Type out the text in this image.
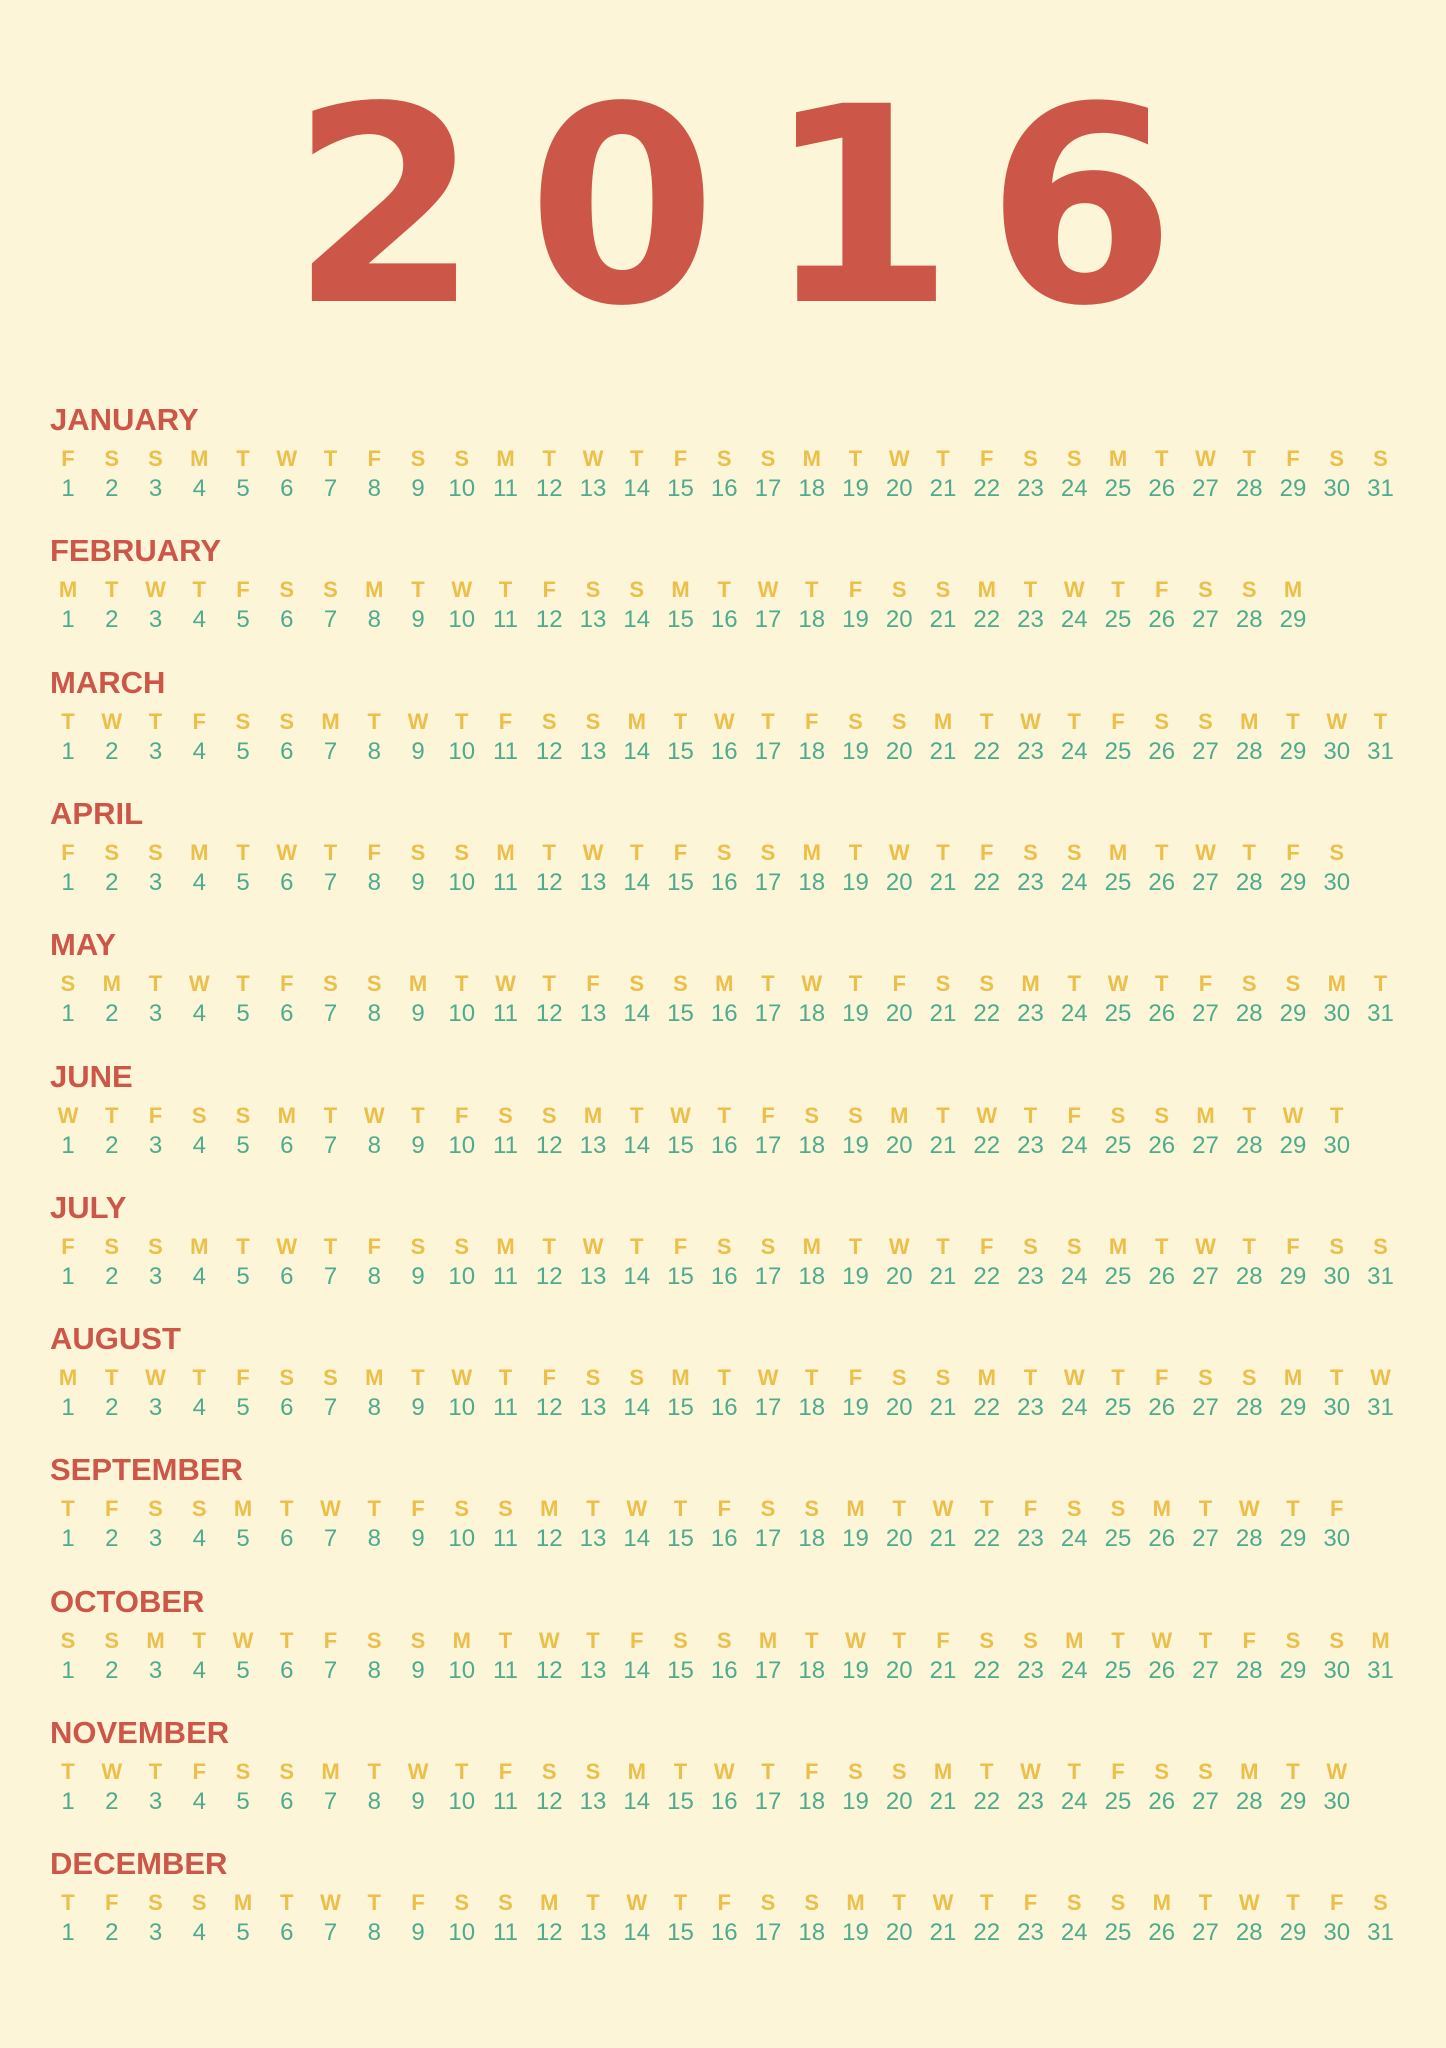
2 0 1 6
JANUARY
F
1
S
2
S
3
M
4
T
5
W
6
T
7
F
8
S
9
S
10
M
11
T
12
W
13
T
14
F
15
S
16
S
17
M
18
T
19
W
20
T
21
F
22
S
23
S
24
M
25
T
26
W
27
T
28
F
29
S
30
S
31
FEBRUARY
M
1
T
2
W
3
T
4
F
5
S
6
S
7
M
8
T
9
W
10
T
11
F
12
S
13
S
14
M
15
T
16
W
17
T
18
F
19
S
20
S
21
M
22
T
23
W
24
T
25
F
26
S
27
S
28
M
29
MARCH
T
1
W
2
T
3
F
4
S
5
S
6
M
7
T
8
W
9
T
10
F
11
S
12
S
13
M
14
T
15
W
16
T
17
F
18
S
19
S
20
M
21
T
22
W
23
T
24
F
25
S
26
S
27
M
28
T
29
W
30
T
31
APRIL
F
1
S
2
S
3
M
4
T
5
W
6
T
7
F
8
S
9
S
10
M
11
T
12
W
13
T
14
F
15
S
16
S
17
M
18
T
19
W
20
T
21
F
22
S
23
S
24
M
25
T
26
W
27
T
28
F
29
S
30
MAY
S
1
M
2
T
3
W
4
T
5
F
6
S
7
S
8
M
9
T
10
W
11
T
12
F
13
S
14
S
15
M
16
T
17
W
18
T
19
F
20
S
21
S
22
M
23
T
24
W
25
T
26
F
27
S
28
S
29
M
30
T
31
JUNE
W
1
T
2
F
3
S
4
S
5
M
6
T
7
W
8
T
9
F
10
S
11
S
12
M
13
T
14
W
15
T
16
F
17
S
18
S
19
M
20
T
21
W
22
T
23
F
24
S
25
S
26
M
27
T
28
W
29
T
30
JULY
F
1
S
2
S
3
M
4
T
5
W
6
T
7
F
8
S
9
S
10
M
11
T
12
W
13
T
14
F
15
S
16
S
17
M
18
T
19
W
20
T
21
F
22
S
23
S
24
M
25
T
26
W
27
T
28
F
29
S
30
S
31
AUGUST
M
1
T
2
W
3
T
4
F
5
S
6
S
7
M
8
T
9
W
10
T
11
F
12
S
13
S
14
M
15
T
16
W
17
T
18
F
19
S
20
S
21
M
22
T
23
W
24
T
25
F
26
S
27
S
28
M
29
T
30
W
31
SEPTEMBER
T
1
F
2
S
3
S
4
M
5
T
6
W
7
T
8
F
9
S
10
S
11
M
12
T
13
W
14
T
15
F
16
S
17
S
18
M
19
T
20
W
21
T
22
F
23
S
24
S
25
M
26
T
27
W
28
T
29
F
30
OCTOBER
S
1
S
2
M
3
T
4
W
5
T
6
F
7
S
8
S
9
M
10
T
11
W
12
T
13
F
14
S
15
S
16
M
17
T
18
W
19
T
20
F
21
S
22
S
23
M
24
T
25
W
26
T
27
F
28
S
29
S
30
M
31
NOVEMBER
T
1
W
2
T
3
F
4
S
5
S
6
M
7
T
8
W
9
T
10
F
11
S
12
S
13
M
14
T
15
W
16
T
17
F
18
S
19
S
20
M
21
T
22
W
23
T
24
F
25
S
26
S
27
M
28
T
29
W
30
DECEMBER
T
1
F
2
S
3
S
4
M
5
T
6
W
7
T
8
F
9
S
10
S
11
M
12
T
13
W
14
T
15
F
16
S
17
S
18
M
19
T
20
W
21
T
22
F
23
S
24
S
25
M
26
T
27
W
28
T
29
F
30
S
31
